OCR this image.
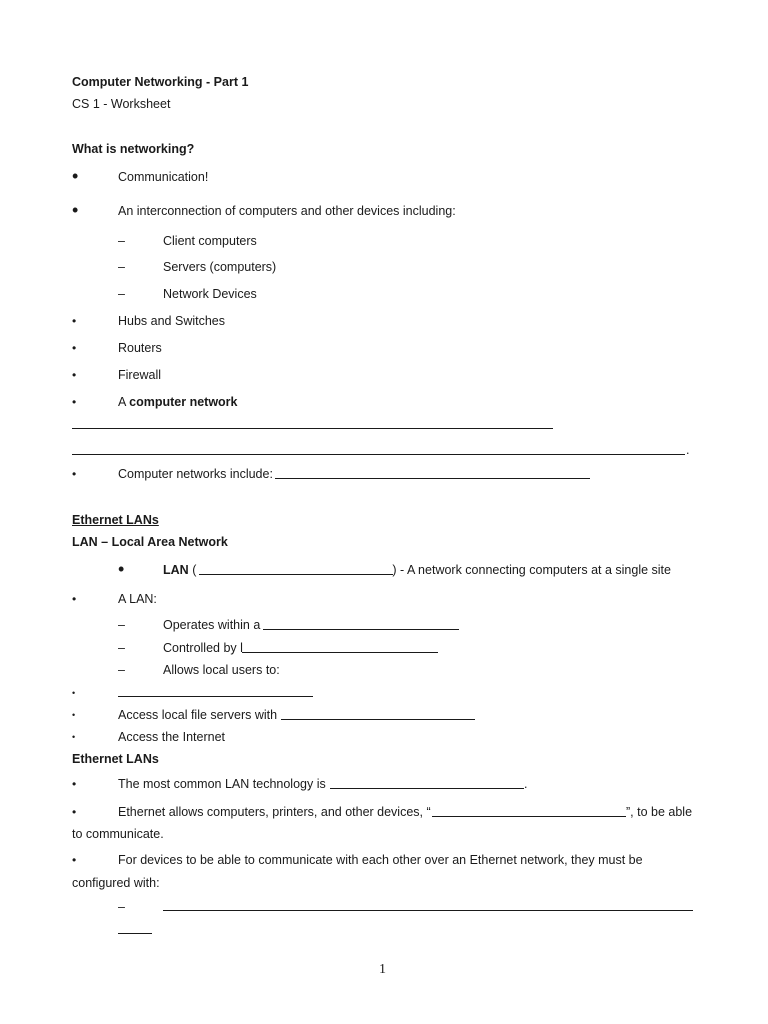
Computer Networking - Part 1
CS 1 - Worksheet
What is networking?
•	Communication!
•	An interconnection of computers and other devices including:
–	Client computers
–	Servers (computers)
–	Network Devices
•	Hubs and Switches
•	Routers
•	Firewall
•	A computer network
.
•	Computer networks include:
Ethernet LANs
LAN – Local Area Network
•	LAN (	) - A network connecting computers at a single site
•	A LAN:
–	Operates within a
–	Controlled by l
–	Allows local users to:
•
•	Access local file servers with
•	Access the Internet
Ethernet LANs
•	The most common LAN technology is	.
•	Ethernet allows computers, printers, and other devices, “	”, to be able
to communicate.
•	For devices to be able to communicate with each other over an Ethernet network, they must be
configured with:
–
1
